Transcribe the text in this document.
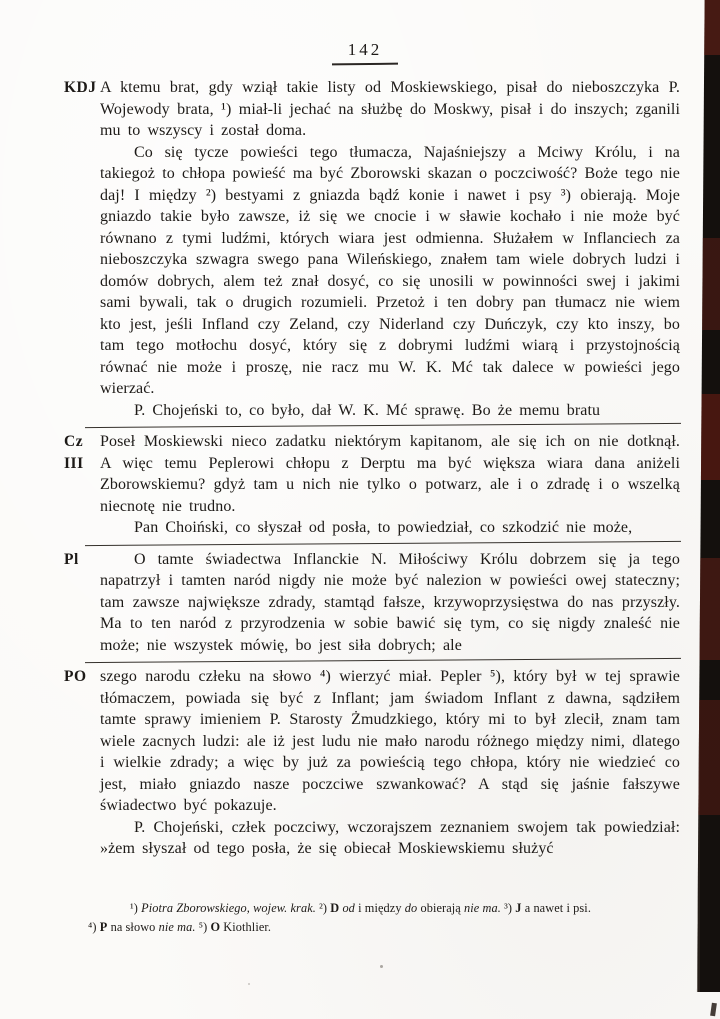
142
KDJ A ktemu brat, gdy wziął takie listy od Moskiewskiego, pisał do nieboszczyka P. Wojewody brata, ¹) miał-li jechać na służbę do Moskwy, pisał i do inszych; zganili mu to wszyscy i został doma.

Co się tycze powieści tego tłumacza, Najaśniejszy a Mciwy Królu, i na takiegoż to chłopa powieść ma być Zborowski skazan o poczciwość? Boże tego nie daj! I między ²) bestyami z gniazda bądź konie i nawet i psy ³) obierają. Moje gniazdo takie było zawsze, iż się we cnocie i w sławie kochało i nie może być równano z tymi ludźmi, których wiara jest odmienna. Służałem w Inflanciech za nieboszczyka szwagra swego pana Wileńskiego, znałem tam wiele dobrych ludzi i domów dobrych, alem też znał dosyć, co się unosili w powinności swej i jakimi sami bywali, tak o drugich rozumieli. Przetoż i ten dobry pan tłumacz nie wiem kto jest, jeśli Infland czy Zeland, czy Niderland czy Duńczyk, czy kto inszy, bo tam tego motłochu dosyć, który się z dobrymi ludźmi wiarą i przystojnością równać nie może i proszę, nie racz mu W. K. Mć tak dalece w powieści jego wierzać.

P. Chojeński to, co było, dał W. K. Mć sprawę. Bo że memu bratu

Cz
III

Poseł Moskiewski nieco zadatku niektórym kapitanom, ale się ich on nie dotknął. A więc temu Peplerowi chłopu z Derptu ma być większa wiara dana aniżeli Zborowskiemu? gdyż tam u nich nie tylko o potwarz, ale i o zdradę i o wszelką niecnotę nie trudno.

Pan Choiński, co słyszał od posła, to powiedział, co szkodzić nie może,

Pl	O tamte świadectwa Inflanckie N. Miłościwy Królu dobrzem się ja tego napatrzył i tamten naród nigdy nie może być nalezion w powieści owej stateczny; tam zawsze największe zdrady, stamtąd fałsze, krzywoprzysięstwa do nas przyszły. Ma to ten naród z przyrodzenia w sobie bawić się tym, co się nigdy znaleść nie może; nie wszystek mówię, bo jest siła dobrych; ale

PO szego narodu człeku na słowo ⁴) wierzyć miał. Pepler ⁵), który był w tej sprawie tłómaczem, powiada się być z Inflant; jam świadom Inflant z dawna, sądziłem tamte sprawy imieniem P. Starosty Żmudzkiego, który mi to był zlecił, znam tam wiele zacnych ludzi: ale iż jest ludu nie mało narodu różnego między nimi, dlatego i wielkie zdrady; a więc by już za powieścią tego chłopa, który nie wiedzieć co jest, miało gniazdo nasze poczciwe szwankować? A stąd się jaśnie fałszywe świadectwo być pokazuje.

P. Chojeński, człek poczciwy, wczorajszem zeznaniem swojem tak powiedział: »żem słyszał od tego posła, że się obiecał Moskiewskiemu służyć

¹) Piotra Zborowskiego, wojew. krak. ²) D od i między do obierają nie ma. ³) J a nawet i psi.
⁴) P na słowo nie ma. ⁵) O Kiothlier.
